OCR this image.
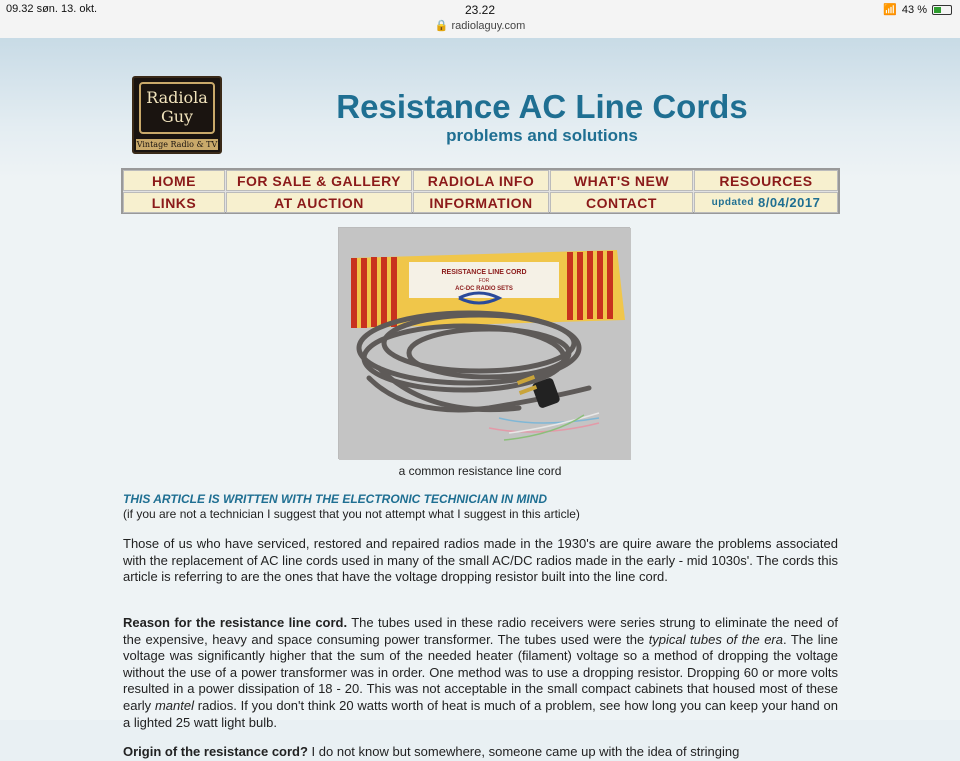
09.32 søn. 13. okt.	23.22
🔒 radiolaguy.com
📶 43 %
Radiola
Guy
Vintage Radio & TV
Resistance AC Line Cords
problems and solutions
HOME	FOR SALE & GALLERY	RADIOLA INFO	WHAT'S NEW	RESOURCES
LINKS	AT AUCTION	INFORMATION	CONTACT	updated 8/04/2017
RESISTANCE LINE CORD
FOR
AC-DC RADIO SETS
a common resistance line cord
THIS ARTICLE IS WRITTEN WITH THE ELECTRONIC TECHNICIAN IN MIND
(if you are not a technician I suggest that you not attempt what I suggest in this article)
Those of us who have serviced, restored and repaired radios made in the 1930's are quire aware the problems associated with the replacement of AC line cords used in many of the small AC/DC radios made in the early - mid 1030s'. The cords this article is referring to are the ones that have the voltage dropping resistor built into the line cord.
Reason for the resistance line cord. The tubes used in these radio receivers were series strung to eliminate the need of the expensive, heavy and space consuming power transformer. The tubes used were the typical tubes of the era. The line voltage was significantly higher that the sum of the needed heater (filament) voltage so a method of dropping the voltage without the use of a power transformer was in order. One method was to use a dropping resistor. Dropping 60 or more volts resulted in a power dissipation of 18 - 20. This was not acceptable in the small compact cabinets that housed most of these early mantel radios. If you don't think 20 watts worth of heat is much of a problem, see how long you can keep your hand on a lighted 25 watt light bulb.
Origin of the resistance cord? I do not know but somewhere, someone came up with the idea of stringing
